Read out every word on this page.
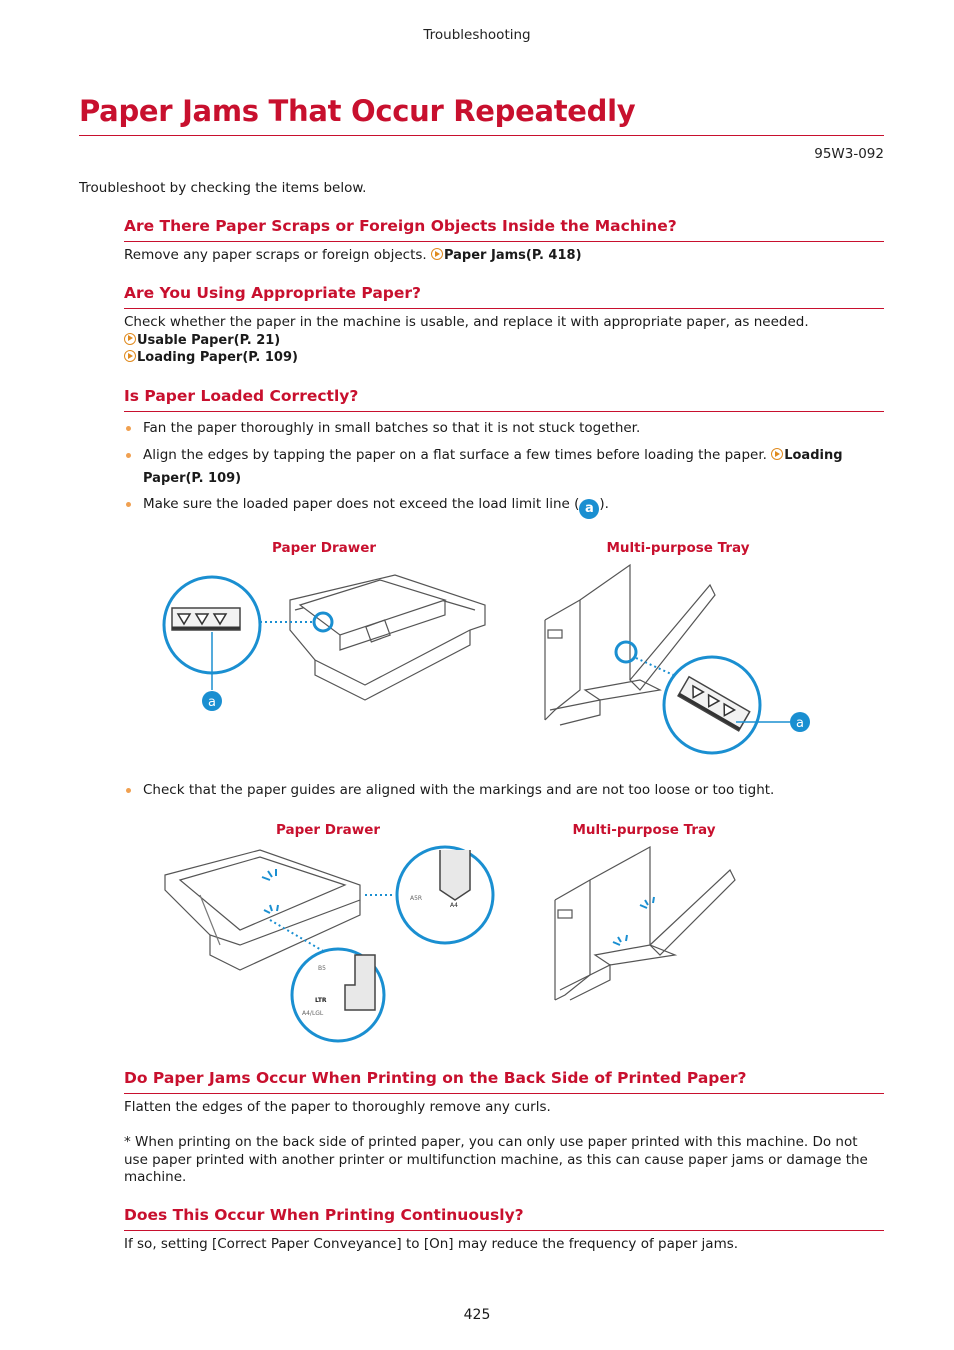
Troubleshooting
Paper Jams That Occur Repeatedly
95W3-092
Troubleshoot by checking the items below.
Are There Paper Scraps or Foreign Objects Inside the Machine?
Remove any paper scraps or foreign objects. Paper Jams(P. 418)
Are You Using Appropriate Paper?
Check whether the paper in the machine is usable, and replace it with appropriate paper, as needed.
Usable Paper(P. 21)
Loading Paper(P. 109)
Is Paper Loaded Correctly?
Fan the paper thoroughly in small batches so that it is not stuck together.
Align the edges by tapping the paper on a flat surface a few times before loading the paper. Loading Paper(P. 109)
Make sure the loaded paper does not exceed the load limit line ( a ).
Paper Drawer	Multi-purpose Tray
a
a
Check that the paper guides are aligned with the markings and are not too loose or too tight.
Paper Drawer	Multi-purpose Tray
A5R
A4
B5
LTR
A4/LGL
Do Paper Jams Occur When Printing on the Back Side of Printed Paper?
Flatten the edges of the paper to thoroughly remove any curls.
* When printing on the back side of printed paper, you can only use paper printed with this machine. Do not use paper printed with another printer or multifunction machine, as this can cause paper jams or damage the machine.
Does This Occur When Printing Continuously?
If so, setting [Correct Paper Conveyance] to [On] may reduce the frequency of paper jams.
425
